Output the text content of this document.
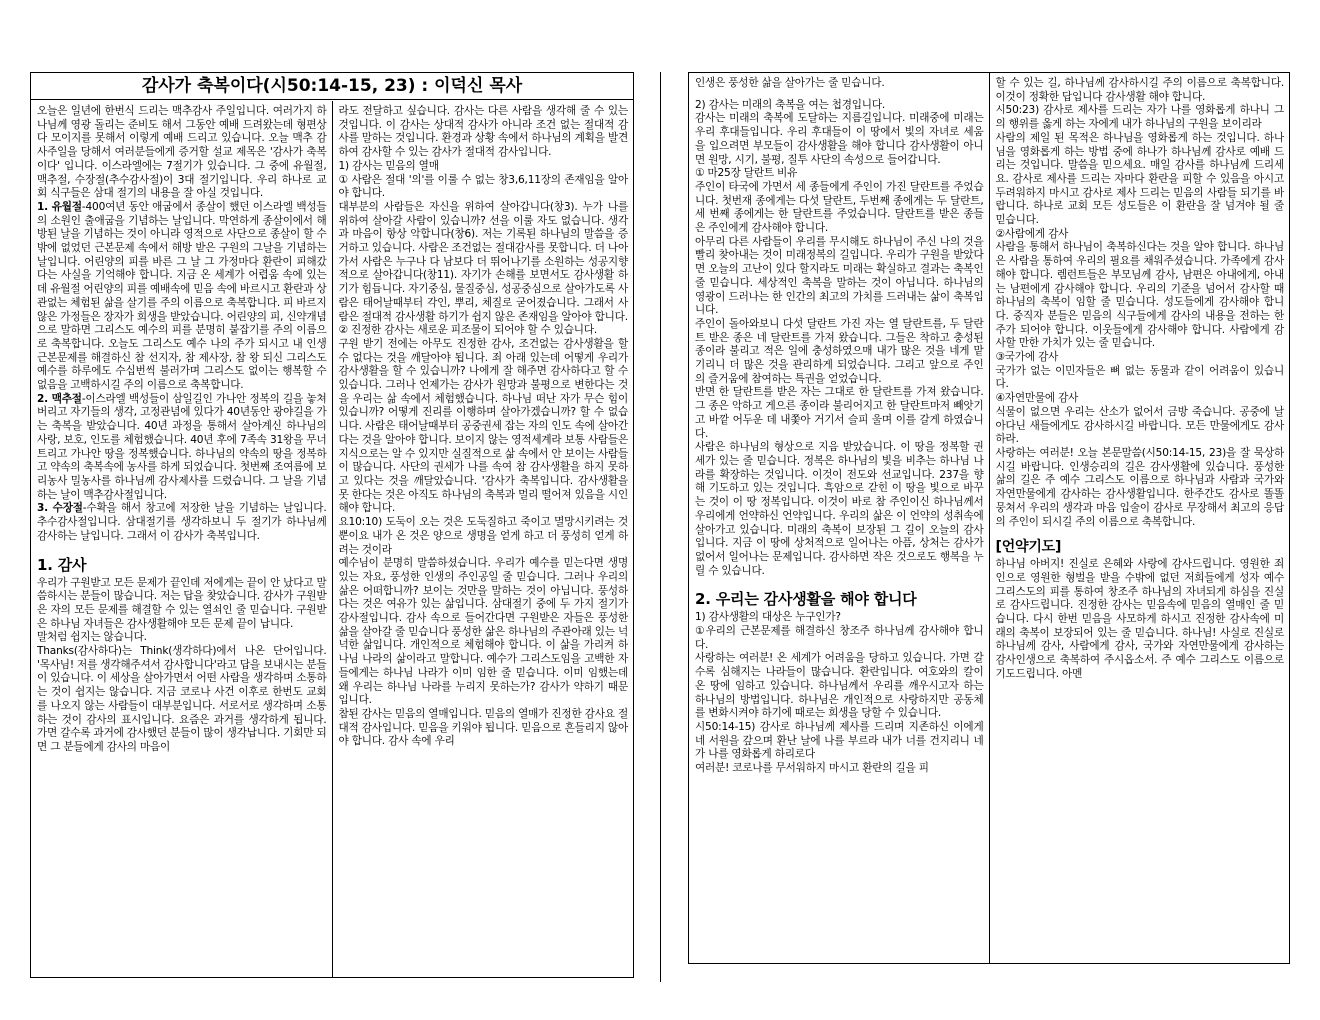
감사가 축복이다(시50:14-15, 23) : 이덕신 목사

오늘은 일년에 한번식 드리는 맥추감사 주일입니다. 여러가지 하나님께 영광 돌리는 준비도 해서 그동안 예배 드려왔는데 형편상 다 모이지를 못해서 이렇게 예배 드리고 있습니다. 오늘 맥추 감사주일을 당해서 여러분들에게 증거할 설교 제목은 '감사가 축복이다' 입니다. 이스라엘에는 7절기가 있습니다. 그 중에 유월절, 맥추절, 수장절(추수감사절)이 3대 절기입니다. 우리 하나로 교회 식구들은 삼대 절기의 내용을 잘 아실 것입니다.

1. 유월절-400여년 동안 애굽에서 종살이 했던 이스라엘 백성들의 소원인 출애굽을 기념하는 날입니다. 막연하게 종살이에서 해방된 날을 기념하는 것이 아니라 영적으로 사단으로 종살이 할 수 밖에 없었던 근본문제 속에서 해방 받은 구원의 그날을 기념하는 날입니다. 어린양의 피를 바른 그 날 그 가정마다 환란이 피해갔다는 사실을 기억해야 합니다. 지금 온 세계가 어렵움 속에 있는데 유월절 어린양의 피를 예배속에 믿음 속에 바르시고 환란과 상관없는 체험된 삶을 살기를 주의 이름으로 축복합니다. 피 바르지 않은 가정들은 장자가 희생을 받았습니다. 어린양의 피, 신약개념으로 말하면 그리스도 예수의 피를 분명히 붙잡기를 주의 이름으로 축복합니다. 오늘도 그리스도 예수 나의 주가 되시고 내 인생 근본문제를 해결하신 참 선지자, 참 제사장, 참 왕 되신 그리스도 예수를 하루에도 수십번씩 불러가며 그리스도 없이는 행복할 수 없음을 고백하시길 주의 이름으로 축복합니다.

2. 맥추절-이스라엘 백성들이 삼일길인 가나안 정복의 길을 놓쳐 버리고 자기들의 생각, 고정관념에 있다가 40년동안 광야길을 가는 축복을 받았습니다. 40년 과정을 통해서 살아계신 하나님의 사랑, 보호, 인도를 체험했습니다. 40년 후에 7족속 31왕을 무너트리고 가나안 땅을 정복했습니다. 하나님의 약속의 땅을 정복하고 약속의 축복속에 농사를 하게 되었습니다. 첫번째 조여름에 보리농사 밀농사를 하나님께 감사제사를 드렸습니다. 그 날을 기념하는 날이 맥추감사절입니다.

3. 수장절-수확을 해서 창고에 저장한 날을 기념하는 날입니다. 추수감사절입니다. 삼대절기를 생각하보니 두 절기가 하나님께 감사하는 날입니다. 그래서 이 감사가 축복입니다.

1. 감사

우리가 구원받고 모든 문제가 끝인데 저에게는 끝이 안 났다고 말씀하시는 분들이 많습니다. 저는 답을 찾았습니다. 감사가 구원받은 자의 모든 문제를 해결할 수 있는 열쇠인 줄 믿습니다. 구원받은 하나님 자녀들은 감사생활해야 모든 문제 끝이 납니다.

말처럼 쉽지는 않습니다.

Thanks(감사하다)는 Think(생각하다)에서 나온 단어입니다. '목사님! 저를 생각해주셔서 감사합니다'라고 답을 보내시는 분들이 있습니다. 이 세상을 살아가면서 어떤 사람을 생각하며 소통하는 것이 쉽지는 않습니다. 지금 코로나 사건 이후로 한번도 교회를 나오지 않는 사람들이 대부분입니다. 서로서로 생각하며 소통하는 것이 감사의 표시입니다. 요즘은 과거를 생각하게 됩니다. 가면 갈수록 과거에 감사했던 분들이 많이 생각납니다. 기회만 되면 그 분들에게 감사의 마음이

라도 전달하고 싶습니다. 감사는 다른 사람을 생각해 줄 수 있는 것입니다. 이 감사는 상대적 감사가 아니라 조건 없는 절대적 감사를 말하는 것입니다. 환경과 상황 속에서 하나님의 계획을 발견하여 감사할 수 있는 감사가 절대적 감사입니다.

1) 감사는 믿음의 열매

① 사람은 절대 '의'를 이룰 수 없는 창3,6,11장의 존재임을 알아야 합니다.

대부분의 사람들은 자신을 위하여 살아갑니다(창3). 누가 나를 위하여 살아갈 사람이 있습니까? 선을 이룰 자도 없습니다. 생각과 마음이 항상 악합니다(창6). 저는 기록된 하나님의 말씀을 증거하고 있습니다. 사람은 조건없는 절대감사를 못합니다. 더 나아가서 사람은 누구나 다 남보다 더 뛰어나기를 소원하는 성공지향적으로 살아갑니다(창11). 자기가 손해를 보면서도 감사생활 하기가 힘듭니다. 자기중심, 물질중심, 성공중심으로 살아가도록 사람은 태어날때부터 각인, 뿌리, 체질로 굳어졌습니다. 그래서 사람은 절대적 감사생활 하기가 쉽지 않은 존재임을 알아야 합니다.

② 진정한 감사는 새로운 피조물이 되어야 할 수 있습니다.

구원 받기 전에는 아무도 진정한 감사, 조건없는 감사생활을 할 수 없다는 것을 깨달아야 됩니다. 죄 아래 있는데 어떻게 우리가 감사생활을 할 수 있습니까? 나에게 잘 해주면 감사하다고 할 수 있습니다. 그러나 언제가는 감사가 원망과 불평으로 변한다는 것을 우리는 삶 속에서 체험했습니다. 하나님 떠난 자가 무슨 힘이 있습니까? 어떻게 진리를 이행하며 살아가겠습니까? 할 수 없습니다. 사람은 태어날때부터 공중권세 잡는 자의 인도 속에 살아간다는 것을 알아야 합니다. 보이지 않는 영적세계라 보통 사람들은 지식으로는 알 수 있지만 실질적으로 삶 속에서 안 보이는 사람들이 많습니다. 사단의 권세가 나를 속여 참 감사생활을 하지 못하고 있다는 것을 깨달았습니다. '감사가 축복입니다. 감사생활을 못 한다는 것은 아직도 하나님의 축복과 멀리 떨어져 있음을 시인해야 합니다.

요10:10) 도둑이 오는 것은 도둑질하고 죽이고 멸망시키려는 것뿐이요 내가 온 것은 양으로 생명을 얻게 하고 더 풍성히 얻게 하려는 것이라

예수님이 분명히 말씀하셨습니다. 우리가 예수를 믿는다면 생명 있는 자요, 풍성한 인생의 주인공일 줄 믿습니다. 그러나 우리의 삶은 어떠합니까? 보이는 것만을 말하는 것이 아닙니다. 풍성하다는 것은 여유가 있는 삶입니다. 삼대절기 중에 두 가지 절기가 감사절입니다. 감사 속으로 들어간다면 구원받은 자들은 풍성한 삶을 살아갈 줄 믿습니다 풍성한 삶은 하나님의 주관아래 있는 넉넉한 삶입니다. 개인적으로 체험해야 합니다. 이 삶을 가리켜 하나님 나라의 삶이라고 말합니다. 예수가 그리스도임을 고백한 자들에게는 하나님 나라가 이미 임한 줄 믿습니다. 이미 임했는데 왜 우리는 하나님 나라를 누리지 못하는가? 감사가 약하기 때문입니다.

참된 감사는 믿음의 열매입니다. 믿음의 열매가 진정한 감사요 절대적 감사입니다. 믿음을 키워야 됩니다. 믿음으로 흔들리지 않아야 합니다. 감사 속에 우리

인생은 풍성한 삶을 살아가는 줄 믿습니다.

2) 감사는 미래의 축복을 여는 첩경입니다.

감사는 미래의 축복에 도달하는 지름길입니다. 미래중에 미래는 우리 후대들입니다. 우리 후대들이 이 땅에서 빛의 자녀로 세움을 입으려면 부모들이 감사생활을 해야 합니다 감사생활이 아니면 원망, 시기, 불평, 질투 사단의 속성으로 들어갑니다.

① 마25장 달란트 비유

주인이 타국에 가면서 세 종들에게 주인이 가진 달란트를 주었습니다. 첫번재 종에게는 다섯 달란트, 두번째 종에게는 두 달란트, 세 번째 종에게는 한 달란트를 주었습니다. 달란트를 받은 종들은 주인에게 감사해야 합니다.

아무리 다른 사람들이 우리를 무시해도 하나님이 주신 나의 것을 빨리 찾아내는 것이 미래정복의 길입니다. 우리가 구원을 받았다면 오늘의 고난이 있다 할지라도 미래는 확실하고 결과는 축복인 줄 믿습니다. 세상적인 축복을 말하는 것이 아닙니다. 하나님의 영광이 드러나는 한 인간의 최고의 가치를 드러내는 삶이 축복입니다.

주인이 돌아와보니 다섯 달란트 가진 자는 열 달란트를, 두 달란트 받은 종은 네 달란트를 가져 왔습니다. 그들은 착하고 충성된 종이라 불리고 적은 일에 충성하였으매 내가 많은 것을 네게 맡기리니 더 많은 것을 관리하게 되었습니다. 그리고 앞으로 주인의 즐거움에 참여하는 특권을 얻었습니다.

반면 한 달란트를 받은 자는 그대로 한 달란트를 가져 왔습니다. 그 종은 악하고 게으른 종이라 불리어지고 한 달란트마저 빼앗기고 바깥 어두운 데 내쫓아 거기서 슬피 울며 이를 갈게 하였습니다.

사람은 하나님의 형상으로 지음 받았습니다. 이 땅을 정복할 권세가 있는 줄 믿습니다. 정복은 하나님의 빛을 비추는 하나님 나라를 확장하는 것입니다. 이것이 전도와 선교입니다. 237을 향해 기도하고 있는 것입니다. 흑암으로 갇힌 이 땅을 빛으로 바꾸는 것이 이 땅 정복입니다. 이것이 바로 참 주인이신 하나님께서 우리에게 언약하신 언약입니다. 우리의 삶은 이 언약의 성취속에 살아가고 있습니다. 미래의 축복이 보장된 그 길이 오늘의 감사입니다. 지금 이 땅에 상처적으로 일어나는 아픔, 상처는 감사가 없어서 일어나는 문제입니다. 감사하면 작은 것으로도 행복을 누릴 수 있습니다.

2. 우리는 감사생활을 해야 합니다

1) 감사생활의 대상은 누구인가?

①우리의 근본문제를 해결하신 창조주 하나님께 감사해야 합니다.

사랑하는 여러분! 온 세계가 어려움을 당하고 있습니다. 가면 갈수록 심해지는 나라들이 많습니다. 환란입니다. 여호와의 칼이 온 땅에 임하고 있습니다. 하나님께서 우리를 깨우시고자 하는 하나님의 방법입니다. 하나님은 개인적으로 사랑하지만 공동체를 변화시켜야 하기에 때로는 희생을 당할 수 있습니다.

시50:14-15) 감사로 하나님께 제사를 드리며 지존하신 이에게 네 서원을 갚으며 환난 날에 나를 부르라 내가 너를 건지리니 네가 나를 영화롭게 하리로다

여러분! 코로나를 무서워하지 마시고 환란의 길을 피

할 수 있는 길, 하나님께 감사하시길 주의 이름으로 축복합니다. 이것이 정확한 답입니다 감사생활 해야 합니다.

시50:23) 감사로 제사를 드리는 자가 나를 영화롭게 하나니 그의 행위를 옳게 하는 자에게 내가 하나님의 구원을 보이리라

사람의 제일 된 목적은 하나님을 영화롭게 하는 것입니다. 하나님을 영화롭게 하는 방법 중에 하나가 하나님께 감사로 예배 드리는 것입니다. 말씀을 믿으세요. 매일 감사를 하나님께 드리세요. 감사로 제사를 드리는 자마다 환란을 피할 수 있음을 아시고 두려워하지 마시고 감사로 제사 드리는 믿음의 사람들 되기를 바랍니다. 하나로 교회 모든 성도들은 이 환란을 잘 넘겨야 될 줄 믿습니다.

②사람에게 감사

사람을 통해서 하나님이 축복하신다는 것을 알야 합니다. 하나님은 사람을 통하여 우리의 필요를 채워주셨습니다. 가족에게 감사해야 합니다. 렘런트들은 부모님께 감사, 남편은 아내에게, 아내는 남편에게 감사해야 합니다. 우리의 기준을 넘어서 감사할 때 하나님의 축복이 임할 줄 믿습니다. 성도들에게 감사해야 합니다. 중직자 분들은 믿음의 식구들에게 감사의 내용을 전하는 한 주가 되어야 합니다. 이웃들에게 감사해야 합니다. 사람에게 감사할 만한 가치가 있는 줄 믿습니다.

③국가에 감사

국가가 없는 이민자들은 뼈 없는 동물과 같이 어려움이 있습니다.

④자연만물에 감사

식물이 없으면 우리는 산소가 없어서 금방 죽습니다. 공중에 날아다닌 새들에게도 감사하시길 바랍니다. 모든 만물에게도 감사하라.

사랑하는 여러분! 오늘 본문말씀(시50:14-15, 23)을 잘 묵상하시길 바랍니다. 인생승리의 길은 감사생활에 있습니다. 풍성한 삶의 길은 주 예수 그리스도 이름으로 하나님과 사람과 국가와 자연만물에게 감사하는 감사생활입니다. 한주간도 감사로 똘똘 뭉쳐서 우리의 생각과 마음 입술이 감사로 무장해서 최고의 응답의 주인이 되시길 주의 이름으로 축복합니다.

[언약기도]

하나님 아버지! 진실로 은혜와 사랑에 감사드립니다. 영원한 죄인으로 영원한 형벌을 받을 수밖에 없던 저희들에게 성자 예수 그리스도의 피를 통하여 창조주 하나님의 자녀되게 하심을 진실로 감사드립니다. 진정한 감사는 믿음속에 믿음의 열매인 줄 믿습니다. 다시 한번 믿음을 사모하게 하시고 진정한 감사속에 미래의 축복이 보장되어 있는 줄 믿습니다. 하나님! 사실로 진실로 하나님께 감사, 사람에게 감사, 국가와 자연만물에게 감사하는 감사인생으로 축복하여 주시옵소서. 주 예수 그리스도 이름으로 기도드립니다. 아멘
